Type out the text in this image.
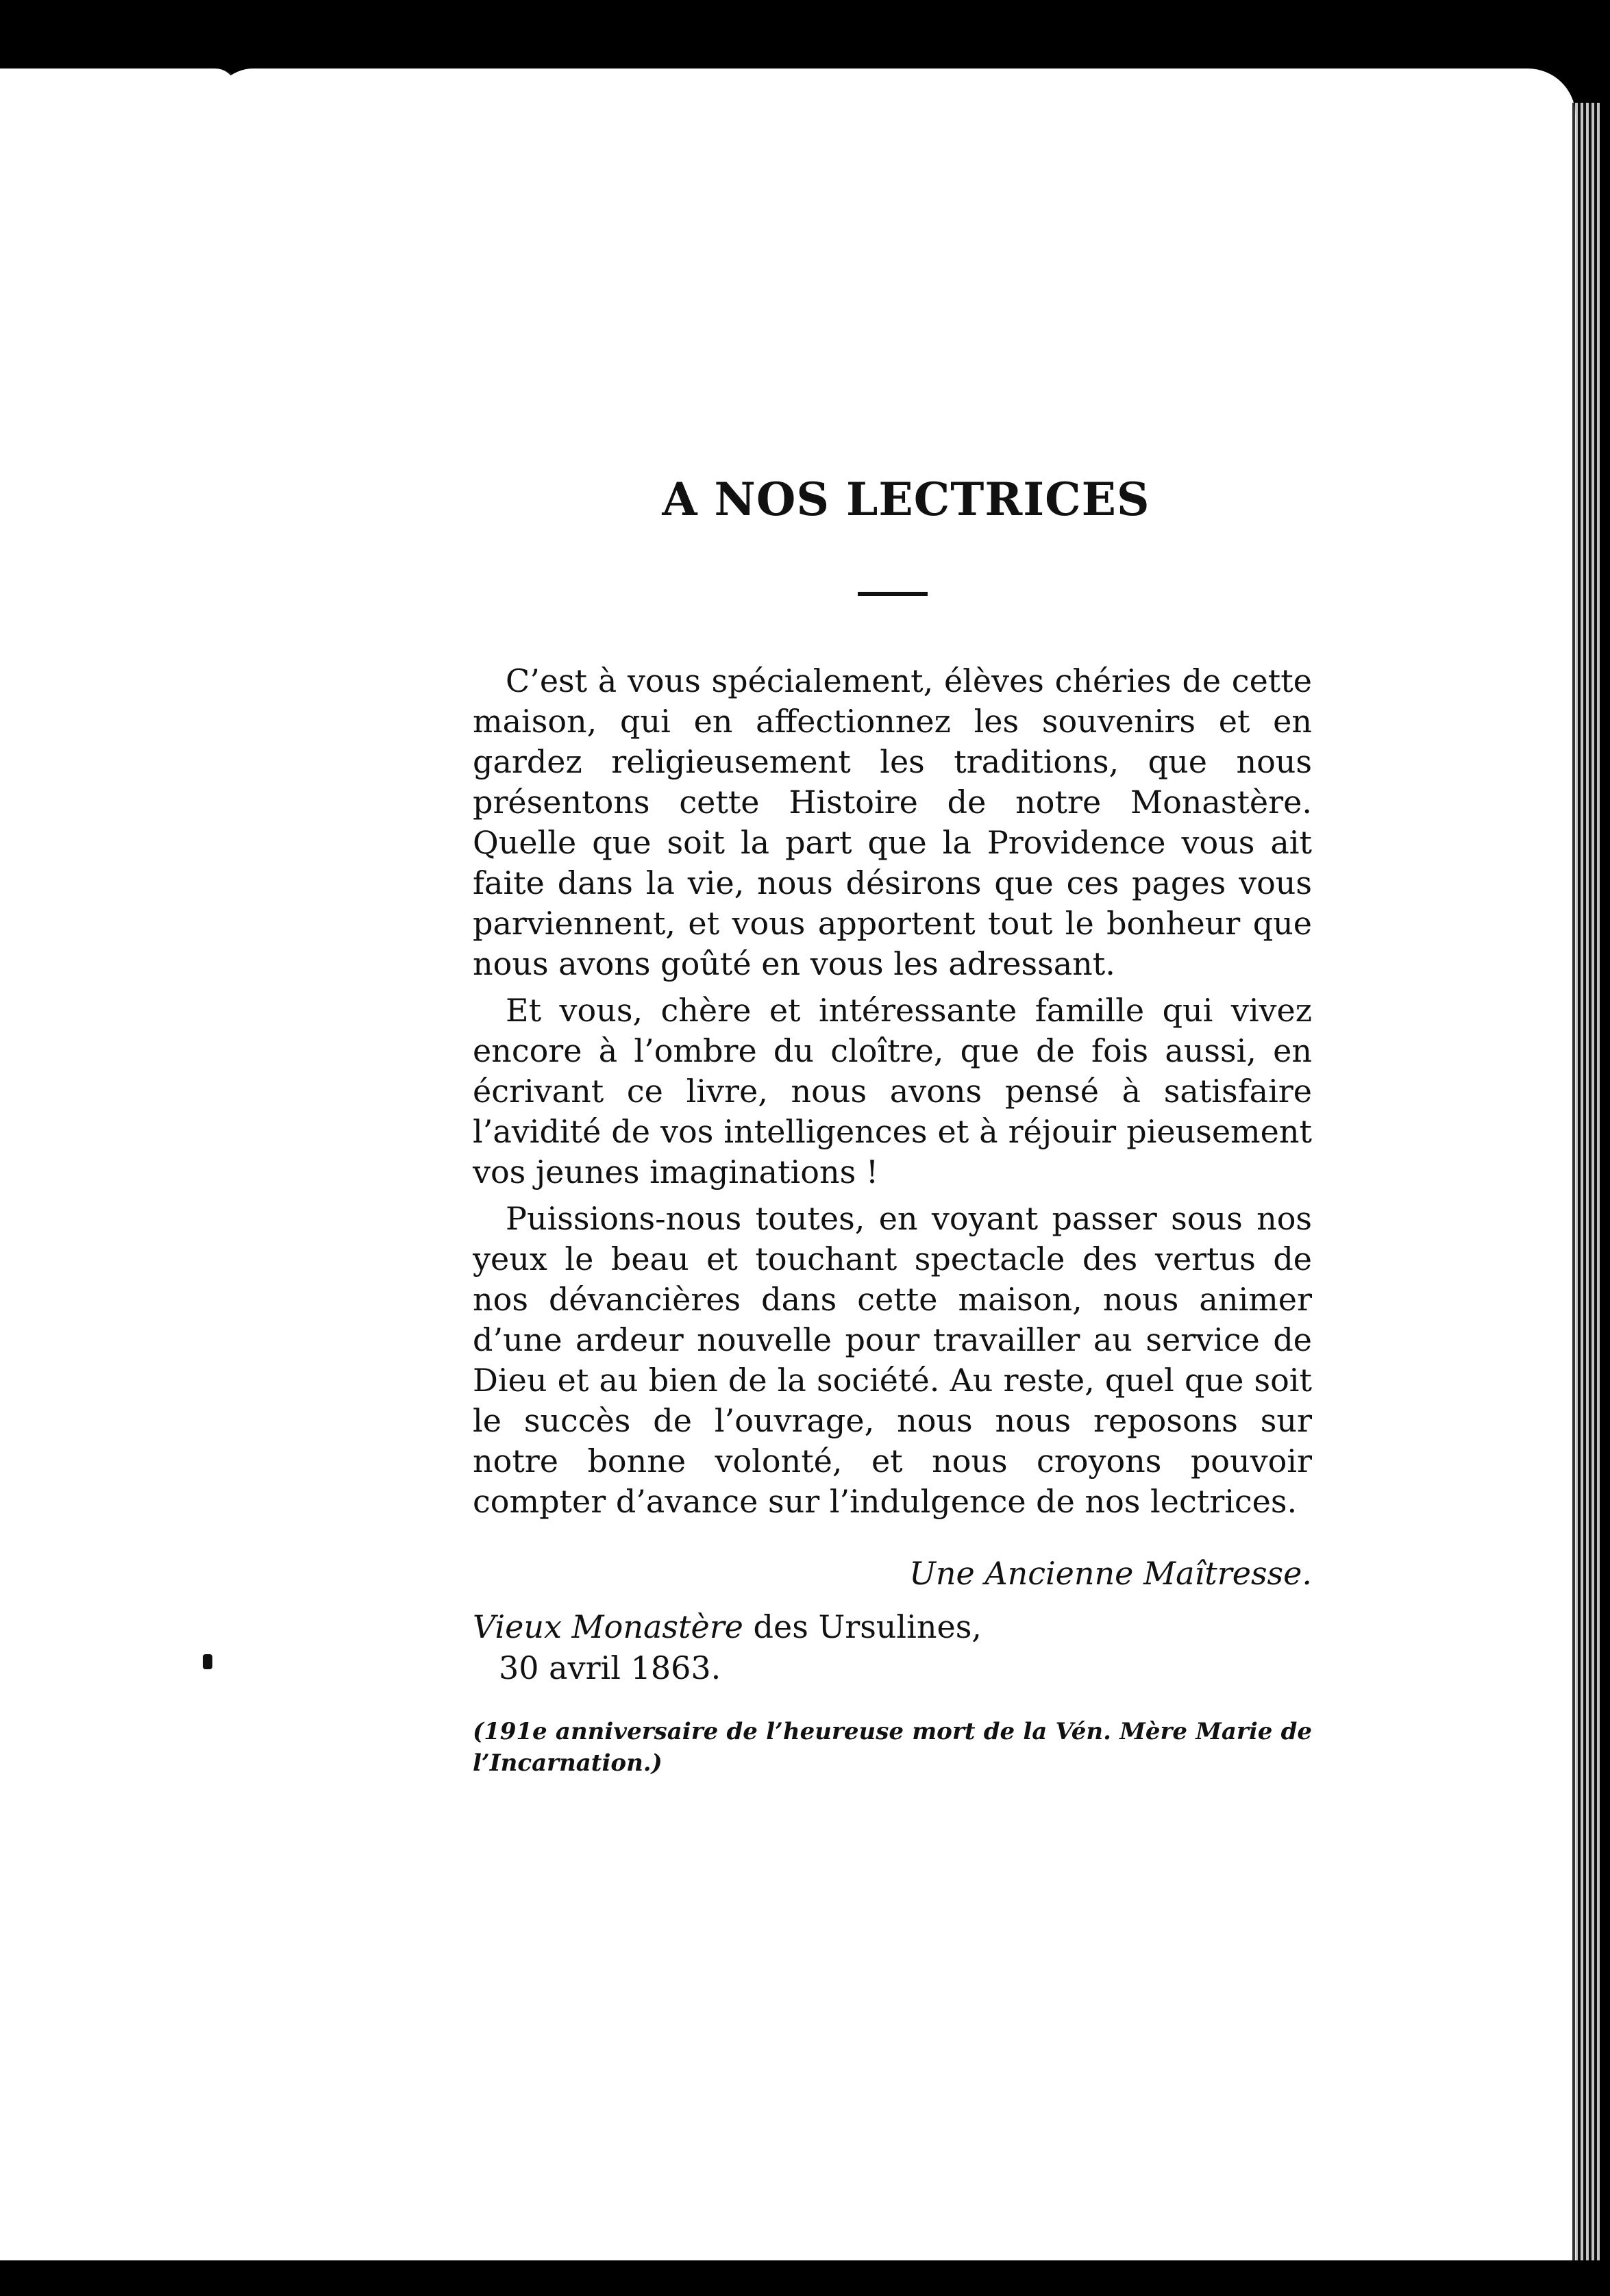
A NOS LECTRICES

C’est à vous spécialement, élèves chéries de cette maison, qui en affectionnez les souvenirs et en gardez religieusement les traditions, que nous présentons cette Histoire de notre Monastère. Quelle que soit la part que la Providence vous ait faite dans la vie, nous désirons que ces pages vous parviennent, et vous apportent tout le bonheur que nous avons goûté en vous les adressant.

Et vous, chère et intéressante famille qui vivez encore à l’ombre du cloître, que de fois aussi, en écrivant ce livre, nous avons pensé à satisfaire l’avidité de vos intelligences et à réjouir pieusement vos jeunes imaginations !

Puissions-nous toutes, en voyant passer sous nos yeux le beau et touchant spectacle des vertus de nos dévancières dans cette maison, nous animer d’une ardeur nouvelle pour travailler au service de Dieu et au bien de la société. Au reste, quel que soit le succès de l’ouvrage, nous nous reposons sur notre bonne volonté, et nous croyons pouvoir compter d’avance sur l’indulgence de nos lectrices.

Une Ancienne Maîtresse.
Vieux Monastère des Ursulines,
30 avril 1863.

(191e anniversaire de l’heureuse mort de la Vén. Mère Marie de l’Incarnation.)
